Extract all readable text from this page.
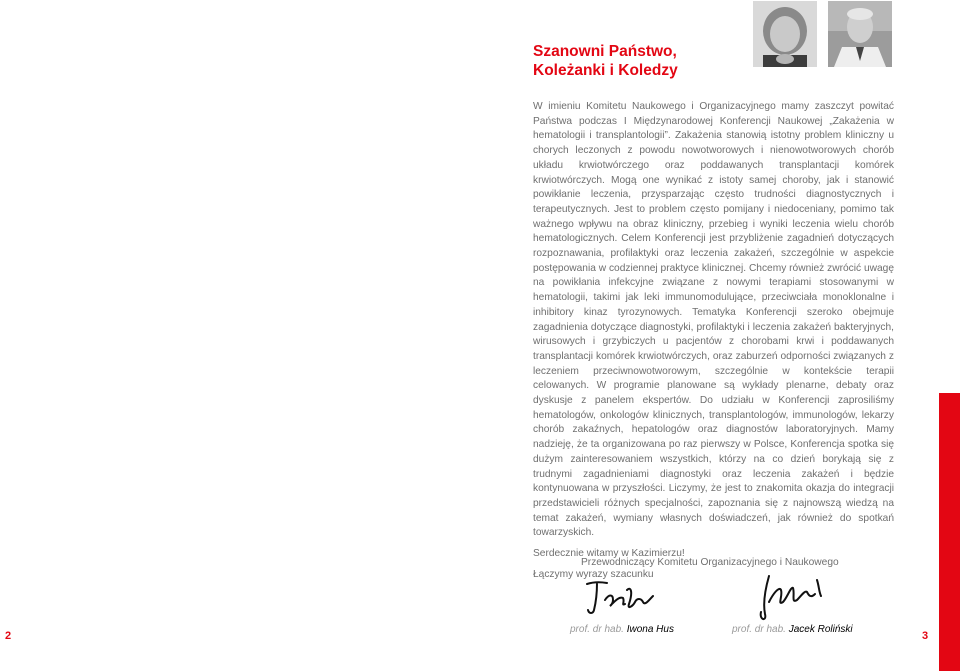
Szanowni Państwo,
Koleżanki i Koledzy

W imieniu Komitetu Naukowego i Organizacyjnego mamy zaszczyt powitać Państwa podczas I Międzynarodowej Konferencji Naukowej „Zakażenia w hematologii i transplantologii”. Zakażenia stanowią istotny problem kliniczny u chorych leczonych z powodu nowotworowych i nienowotworowych chorób układu krwiotwórczego oraz poddawanych transplantacji komórek krwiotwórczych. Mogą one wynikać z istoty samej choroby, jak i stanowić powikłanie leczenia, przysparzając często trudności diagnostycznych i terapeutycznych. Jest to problem często pomijany i niedoceniany, pomimo tak ważnego wpływu na obraz kliniczny, przebieg i wyniki leczenia wielu chorób hematologicznych. Celem Konferencji jest przybliżenie zagadnień dotyczących rozpoznawania, profilaktyki oraz leczenia zakażeń, szczególnie w aspekcie postępowania w codziennej praktyce klinicznej. Chcemy również zwrócić uwagę na powikłania infekcyjne związane z nowymi terapiami stosowanymi w hematologii, takimi jak leki immunomodulujące, przeciwciała monoklonalne i inhibitory kinaz tyrozynowych. Tematyka Konferencji szeroko obejmuje zagadnienia dotyczące diagnostyki, profilaktyki i leczenia zakażeń bakteryjnych, wirusowych i grzybiczych u pacjentów z chorobami krwi i poddawanych transplantacji komórek krwiotwórczych, oraz zaburzeń odporności związanych z leczeniem przeciwnowotworowym, szczególnie w kontekście terapii celowanych. W programie planowane są wykłady plenarne, debaty oraz dyskusje z panelem ekspertów. Do udziału w Konferencji zaprosiliśmy hematologów, onkologów klinicznych, transplantologów, immunologów, lekarzy chorób zakaźnych, hepatologów oraz diagnostów laboratoryjnych. Mamy nadzieję, że ta organizowana po raz pierwszy w Polsce, Konferencja spotka się dużym zainteresowaniem wszystkich, którzy na co dzień borykają się z trudnymi zagadnieniami diagnostyki oraz leczenia zakażeń i będzie kontynuowana w przyszłości. Liczymy, że jest to znakomita okazja do integracji przedstawicieli różnych specjalności, zapoznania się z najnowszą wiedzą na temat zakażeń, wymiany własnych doświadczeń, jak również do spotkań towarzyskich.

Serdecznie witamy w Kazimierzu!

Łączymy wyrazy szacunku

Przewodniczący Komitetu Organizacyjnego i Naukowego
prof. dr hab. Iwona Hus	prof. dr hab. Jacek Roliński
2	3
